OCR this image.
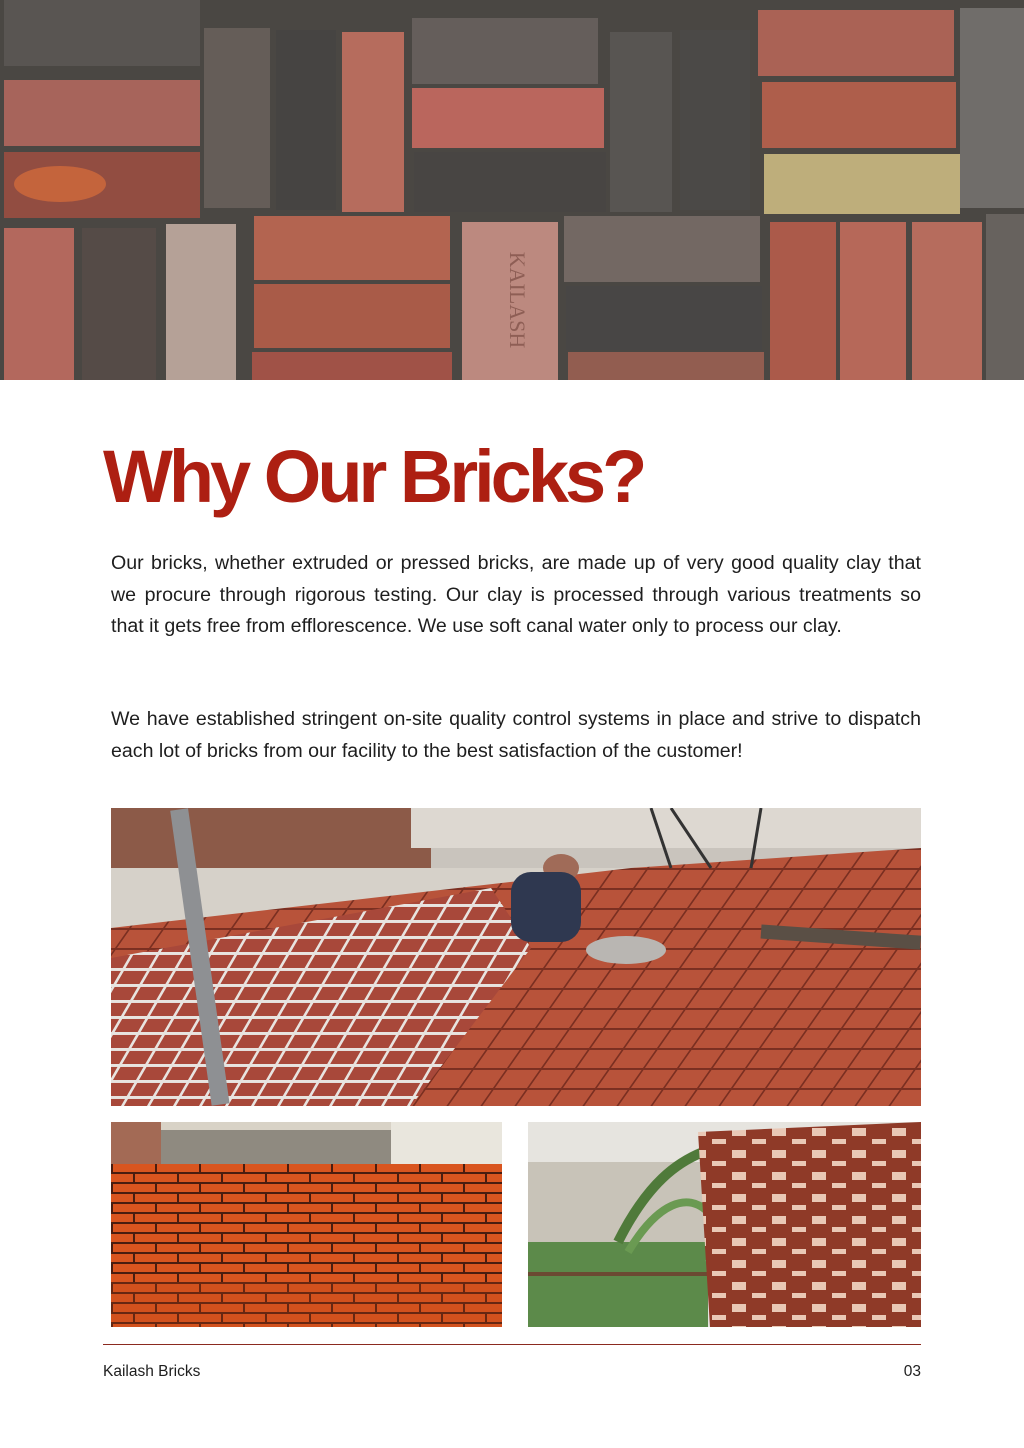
KAILASH
Why Our Bricks?

Our bricks, whether extruded or pressed bricks, are made up of very good quality clay that we procure through rigorous testing. Our clay is processed through various treatments so that it gets free from efflorescence. We use soft canal water only to process our clay.

We have established stringent on-site quality control systems in place and strive to dispatch each lot of bricks from our facility to the best satisfaction of the customer!

Kailash Bricks	03
